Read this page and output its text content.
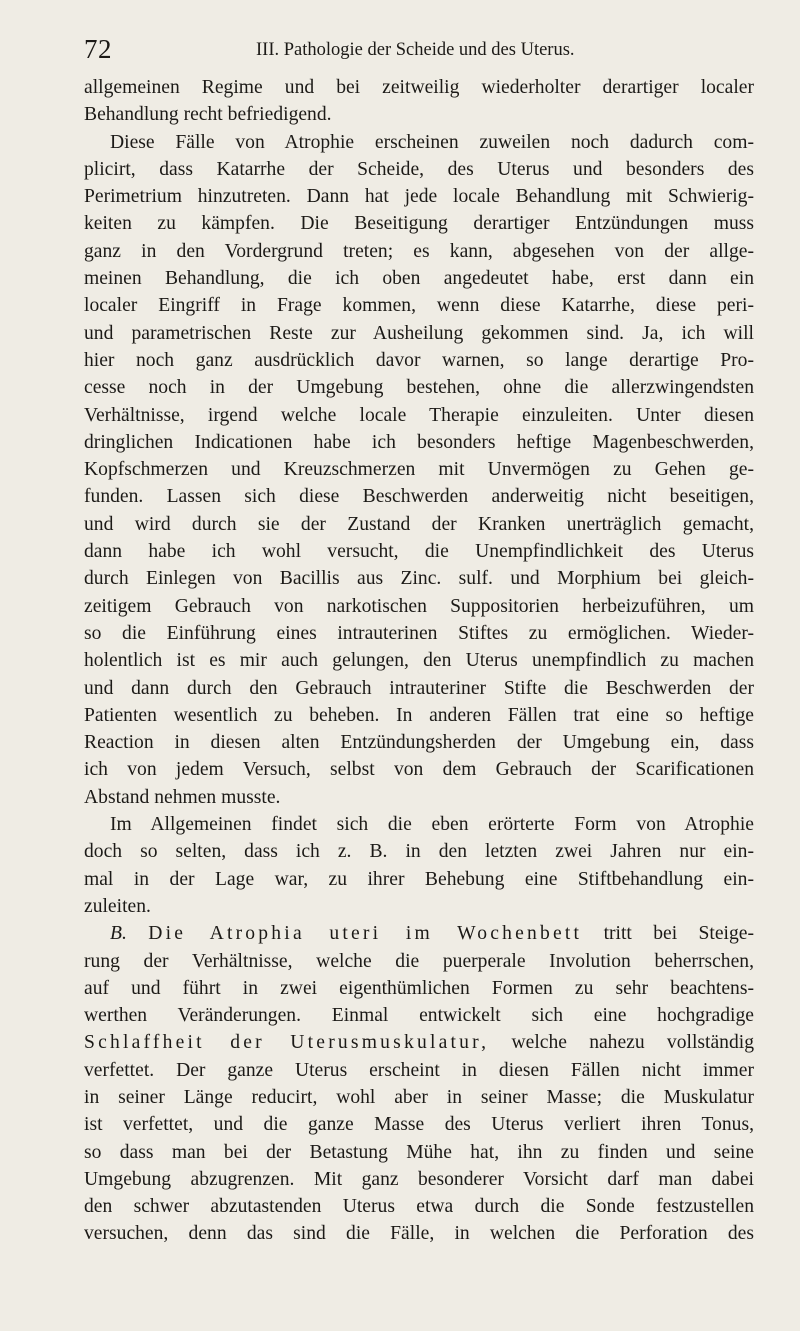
72	III. Pathologie der Scheide und des Uterus.
allgemeinen Regime und bei zeitweilig wiederholter derartiger localer
Behandlung recht befriedigend.
Diese Fälle von Atrophie erscheinen zuweilen noch dadurch com-
plicirt, dass Katarrhe der Scheide, des Uterus und besonders des
Perimetrium hinzutreten. Dann hat jede locale Behandlung mit Schwierig-
keiten zu kämpfen. Die Beseitigung derartiger Entzündungen muss
ganz in den Vordergrund treten; es kann, abgesehen von der allge-
meinen Behandlung, die ich oben angedeutet habe, erst dann ein
localer Eingriff in Frage kommen, wenn diese Katarrhe, diese peri-
und parametrischen Reste zur Ausheilung gekommen sind. Ja, ich will
hier noch ganz ausdrücklich davor warnen, so lange derartige Pro-
cesse noch in der Umgebung bestehen, ohne die allerzwingendsten
Verhältnisse, irgend welche locale Therapie einzuleiten. Unter diesen
dringlichen Indicationen habe ich besonders heftige Magenbeschwerden,
Kopfschmerzen und Kreuzschmerzen mit Unvermögen zu Gehen ge-
funden. Lassen sich diese Beschwerden anderweitig nicht beseitigen,
und wird durch sie der Zustand der Kranken unerträglich gemacht,
dann habe ich wohl versucht, die Unempfindlichkeit des Uterus
durch Einlegen von Bacillis aus Zinc. sulf. und Morphium bei gleich-
zeitigem Gebrauch von narkotischen Suppositorien herbeizuführen, um
so die Einführung eines intrauterinen Stiftes zu ermöglichen. Wieder-
holentlich ist es mir auch gelungen, den Uterus unempfindlich zu machen
und dann durch den Gebrauch intrauteriner Stifte die Beschwerden der
Patienten wesentlich zu beheben. In anderen Fällen trat eine so heftige
Reaction in diesen alten Entzündungsherden der Umgebung ein, dass
ich von jedem Versuch, selbst von dem Gebrauch der Scarificationen
Abstand nehmen musste.
Im Allgemeinen findet sich die eben erörterte Form von Atrophie
doch so selten, dass ich z. B. in den letzten zwei Jahren nur ein-
mal in der Lage war, zu ihrer Behebung eine Stiftbehandlung ein-
zuleiten.
B. Die Atrophia uteri im Wochenbett tritt bei Steige-
rung der Verhältnisse, welche die puerperale Involution beherrschen,
auf und führt in zwei eigenthümlichen Formen zu sehr beachtens-
werthen Veränderungen. Einmal entwickelt sich eine hochgradige
Schlaffheit der Uterusmuskulatur, welche nahezu vollständig
verfettet. Der ganze Uterus erscheint in diesen Fällen nicht immer
in seiner Länge reducirt, wohl aber in seiner Masse; die Muskulatur
ist verfettet, und die ganze Masse des Uterus verliert ihren Tonus,
so dass man bei der Betastung Mühe hat, ihn zu finden und seine
Umgebung abzugrenzen. Mit ganz besonderer Vorsicht darf man dabei
den schwer abzutastenden Uterus etwa durch die Sonde festzustellen
versuchen, denn das sind die Fälle, in welchen die Perforation des
